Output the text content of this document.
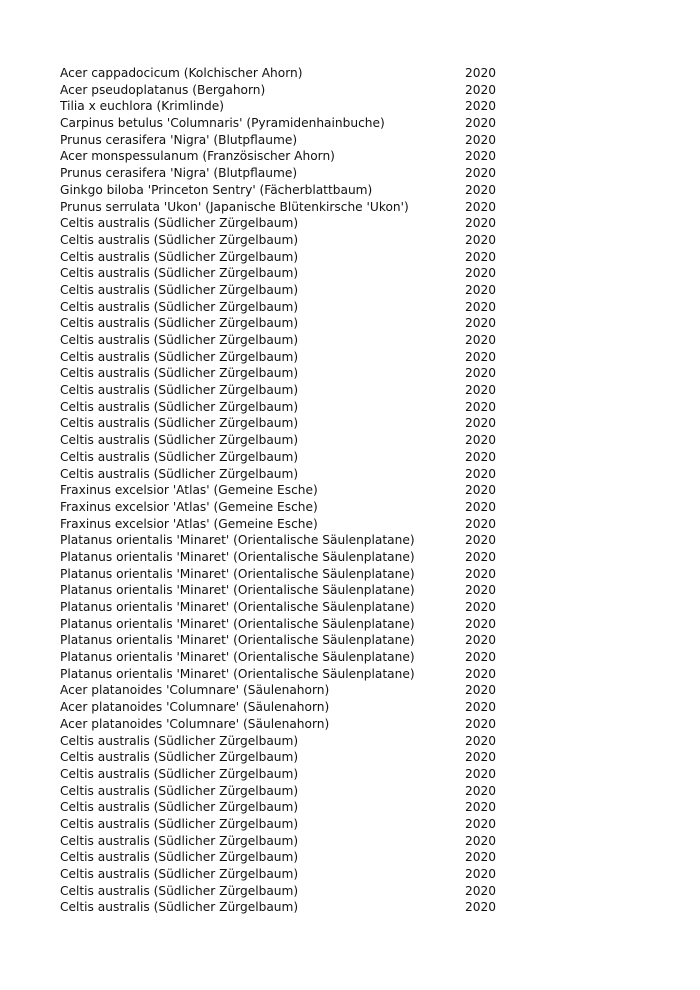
Acer cappadocicum (Kolchischer Ahorn)	2020
Acer pseudoplatanus (Bergahorn)	2020
Tilia x euchlora (Krimlinde)	2020
Carpinus betulus 'Columnaris' (Pyramidenhainbuche)	2020
Prunus cerasifera 'Nigra' (Blutpflaume)	2020
Acer monspessulanum (Französischer Ahorn)	2020
Prunus cerasifera 'Nigra' (Blutpflaume)	2020
Ginkgo biloba 'Princeton Sentry' (Fächerblattbaum)	2020
Prunus serrulata 'Ukon' (Japanische Blütenkirsche 'Ukon')	2020
Celtis australis (Südlicher Zürgelbaum)	2020
Celtis australis (Südlicher Zürgelbaum)	2020
Celtis australis (Südlicher Zürgelbaum)	2020
Celtis australis (Südlicher Zürgelbaum)	2020
Celtis australis (Südlicher Zürgelbaum)	2020
Celtis australis (Südlicher Zürgelbaum)	2020
Celtis australis (Südlicher Zürgelbaum)	2020
Celtis australis (Südlicher Zürgelbaum)	2020
Celtis australis (Südlicher Zürgelbaum)	2020
Celtis australis (Südlicher Zürgelbaum)	2020
Celtis australis (Südlicher Zürgelbaum)	2020
Celtis australis (Südlicher Zürgelbaum)	2020
Celtis australis (Südlicher Zürgelbaum)	2020
Celtis australis (Südlicher Zürgelbaum)	2020
Celtis australis (Südlicher Zürgelbaum)	2020
Celtis australis (Südlicher Zürgelbaum)	2020
Fraxinus excelsior 'Atlas' (Gemeine Esche)	2020
Fraxinus excelsior 'Atlas' (Gemeine Esche)	2020
Fraxinus excelsior 'Atlas' (Gemeine Esche)	2020
Platanus orientalis 'Minaret' (Orientalische Säulenplatane)	2020
Platanus orientalis 'Minaret' (Orientalische Säulenplatane)	2020
Platanus orientalis 'Minaret' (Orientalische Säulenplatane)	2020
Platanus orientalis 'Minaret' (Orientalische Säulenplatane)	2020
Platanus orientalis 'Minaret' (Orientalische Säulenplatane)	2020
Platanus orientalis 'Minaret' (Orientalische Säulenplatane)	2020
Platanus orientalis 'Minaret' (Orientalische Säulenplatane)	2020
Platanus orientalis 'Minaret' (Orientalische Säulenplatane)	2020
Platanus orientalis 'Minaret' (Orientalische Säulenplatane)	2020
Acer platanoides 'Columnare' (Säulenahorn)	2020
Acer platanoides 'Columnare' (Säulenahorn)	2020
Acer platanoides 'Columnare' (Säulenahorn)	2020
Celtis australis (Südlicher Zürgelbaum)	2020
Celtis australis (Südlicher Zürgelbaum)	2020
Celtis australis (Südlicher Zürgelbaum)	2020
Celtis australis (Südlicher Zürgelbaum)	2020
Celtis australis (Südlicher Zürgelbaum)	2020
Celtis australis (Südlicher Zürgelbaum)	2020
Celtis australis (Südlicher Zürgelbaum)	2020
Celtis australis (Südlicher Zürgelbaum)	2020
Celtis australis (Südlicher Zürgelbaum)	2020
Celtis australis (Südlicher Zürgelbaum)	2020
Celtis australis (Südlicher Zürgelbaum)	2020
